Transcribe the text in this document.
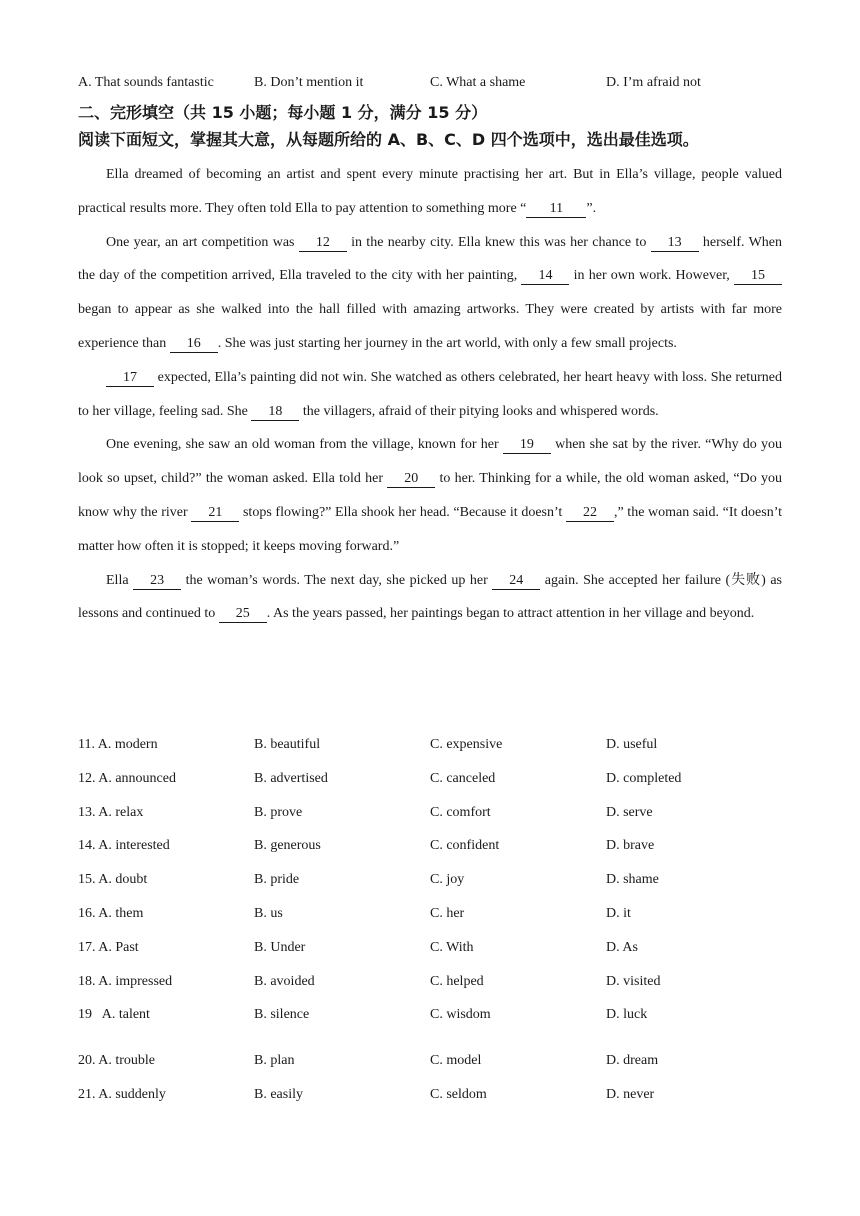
A. That sounds fantastic	B. Don’t mention it	C. What a shame	D. I’m afraid not
二、完形填空（共 15 小题；每小题 1 分，满分 15 分）
阅读下面短文，掌握其大意，从每题所给的 A、B、C、D 四个选项中，选出最佳选项。

Ella dreamed of becoming an artist and spent every minute practising her art. But in Ella’s village, people valued practical results more. They often told Ella to pay attention to something more “ 11 ”.

One year, an art competition was 12 in the nearby city. Ella knew this was her chance to 13 herself. When the day of the competition arrived, Ella traveled to the city with her painting, 14 in her own work. However, 15 began to appear as she walked into the hall filled with amazing artworks. They were created by artists with far more experience than 16 . She was just starting her journey in the art world, with only a few small projects.

17 expected, Ella’s painting did not win. She watched as others celebrated, her heart heavy with loss. She returned to her village, feeling sad. She 18 the villagers, afraid of their pitying looks and whispered words.

One evening, she saw an old woman from the village, known for her 19 when she sat by the river. “Why do you look so upset, child?” the woman asked. Ella told her 20 to her. Thinking for a while, the old woman asked, “Do you know why the river 21 stops flowing?” Ella shook her head. “Because it doesn’t 22 ,” the woman said. “It doesn’t matter how often it is stopped; it keeps moving forward.”

Ella 23 the woman’s words. The next day, she picked up her 24 again. She accepted her failure (失败) as lessons and continued to 25 . As the years passed, her paintings began to attract attention in her village and beyond.

11. A. modern	B. beautiful	C. expensive	D. useful
12. A. announced	B. advertised	C. canceled	D. completed
13. A. relax	B. prove	C. comfort	D. serve
14. A. interested	B. generous	C. confident	D. brave
15. A. doubt	B. pride	C. joy	D. shame
16. A. them	B. us	C. her	D. it
17. A. Past	B. Under	C. With	D. As
18. A. impressed	B. avoided	C. helped	D. visited
19   A. talent	B. silence	C. wisdom	D. luck
20. A. trouble	B. plan	C. model	D. dream
21. A. suddenly	B. easily	C. seldom	D. never
